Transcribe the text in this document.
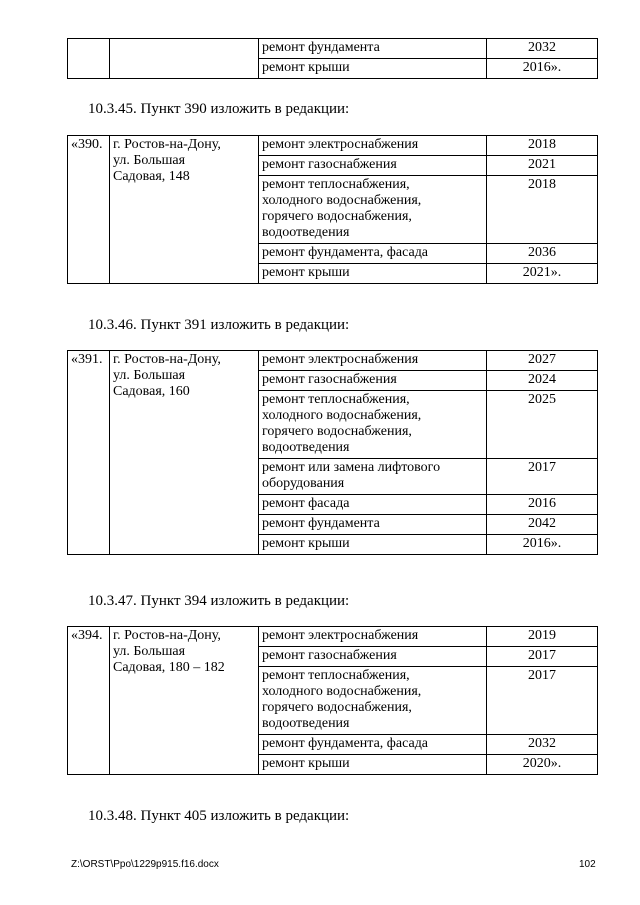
		ремонт фундамента	2032
		ремонт крыши	2016».
10.3.45. Пункт 390 изложить в редакции:
«390.	г. Ростов-на-Дону,
ул. Большая
Садовая, 148	ремонт электроснабжения	2018

		ремонт газоснабжения	2021

		ремонт теплоснабжения,
холодного водоснабжения,
горячего водоснабжения,
водоотведения	2018

		ремонт фундамента, фасада	2036

		ремонт крыши	2021».
10.3.46. Пункт 391 изложить в редакции:
«391.	г. Ростов-на-Дону,
ул. Большая
Садовая, 160	ремонт электроснабжения	2027

		ремонт газоснабжения	2024

		ремонт теплоснабжения,
холодного водоснабжения,
горячего водоснабжения,
водоотведения	2025

		ремонт или замена лифтового
оборудования	2017

		ремонт фасада	2016

		ремонт фундамента	2042

		ремонт крыши	2016».
10.3.47. Пункт 394 изложить в редакции:
«394.	г. Ростов-на-Дону,
ул. Большая
Садовая, 180 – 182	ремонт электроснабжения	2019

		ремонт газоснабжения	2017

		ремонт теплоснабжения,
холодного водоснабжения,
горячего водоснабжения,
водоотведения	2017

		ремонт фундамента, фасада	2032

		ремонт крыши	2020».
10.3.48. Пункт 405 изложить в редакции:
Z:\ORST\Ppo\1229p915.f16.docx	102
